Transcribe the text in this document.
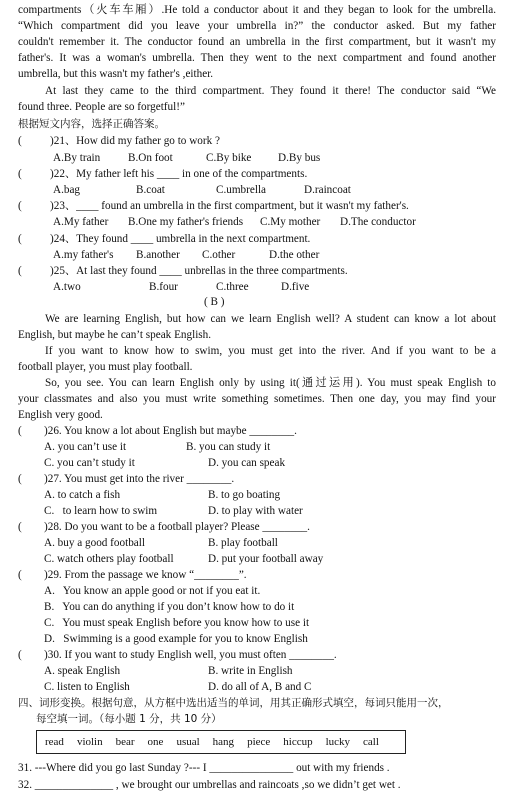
compartments（火车车厢）.He told a conductor about it and they began to look for the umbrella.
“Which compartment did you leave your umbrella in?” the conductor asked. But my father
couldn't remember it. The conductor found an umbrella in the first compartment, but it wasn't my
father's. It was a woman's umbrella. Then they went to the next compartment and found another
umbrella, but this wasn't my father's ,either.
At last they came to the third compartment. They found it there! The conductor said “We
found three. People are so forgetful!”
根据短文内容，选择正确答案。
(	)21、How did my father go to work ?
A.By train B.On foot	C.By bike D.By bus
(	)22、My father left his ____ in one of the compartments.
A.bag	B.coat	C.umbrella	D.raincoat
(	)23、____ found an umbrella in the first compartment, but it wasn't my father's.
A.My father B.One my father's friends C.My mother D.The conductor
(	)24、They found ____ umbrella in the next compartment.
A.my father's B.another C.other	D.the other
(	)25、At last they found ____ unbrellas in the three compartments.
A.two	B.four	C.three	D.five
( B )
We are learning English, but how can we learn English well? A student can know a lot about
English, but maybe he can’t speak English.
If you want to know how to swim, you must get into the river. And if you want to be a
football player, you must play football.
So, you see. You can learn English only by using it(通过运用). You must speak English to
your classmates and also you must write something sometimes. Then one day, you may find your
English very good.
( )26. You know a lot about English but maybe ________.
A. you can’t use it	B. you can study it
C. you can’t study it	D. you can speak
( )27. You must get into the river ________.
A. to catch a fish	B. to go boating
C.   to learn how to swim	D. to play with water
( )28. Do you want to be a football player? Please ________.
A. buy a good football	B. play football
C. watch others play football	D. put your football away
( )29. From the passage we know “________”.
A.   You know an apple good or not if you eat it.
B.   You can do anything if you don’t know how to do it
C.   You must speak English before you know how to use it
D.   Swimming is a good example for you to know English
( )30. If you want to study English well, you must often ________.
A. speak English	B. write in English
C. listen to English	D. do all of A, B and C
四、词形变换。根据句意，从方框中选出适当的单词，用其正确形式填空，每词只能用一次，
每空填一词。（每小题 1 分，共 10 分）
read violin bear one usual hang piece hiccup lucky call
31. ---Where did you go last Sunday ?--- I _______________ out with my friends .
32. ______________ , we brought our umbrellas and raincoats ,so we didn’t get wet .
